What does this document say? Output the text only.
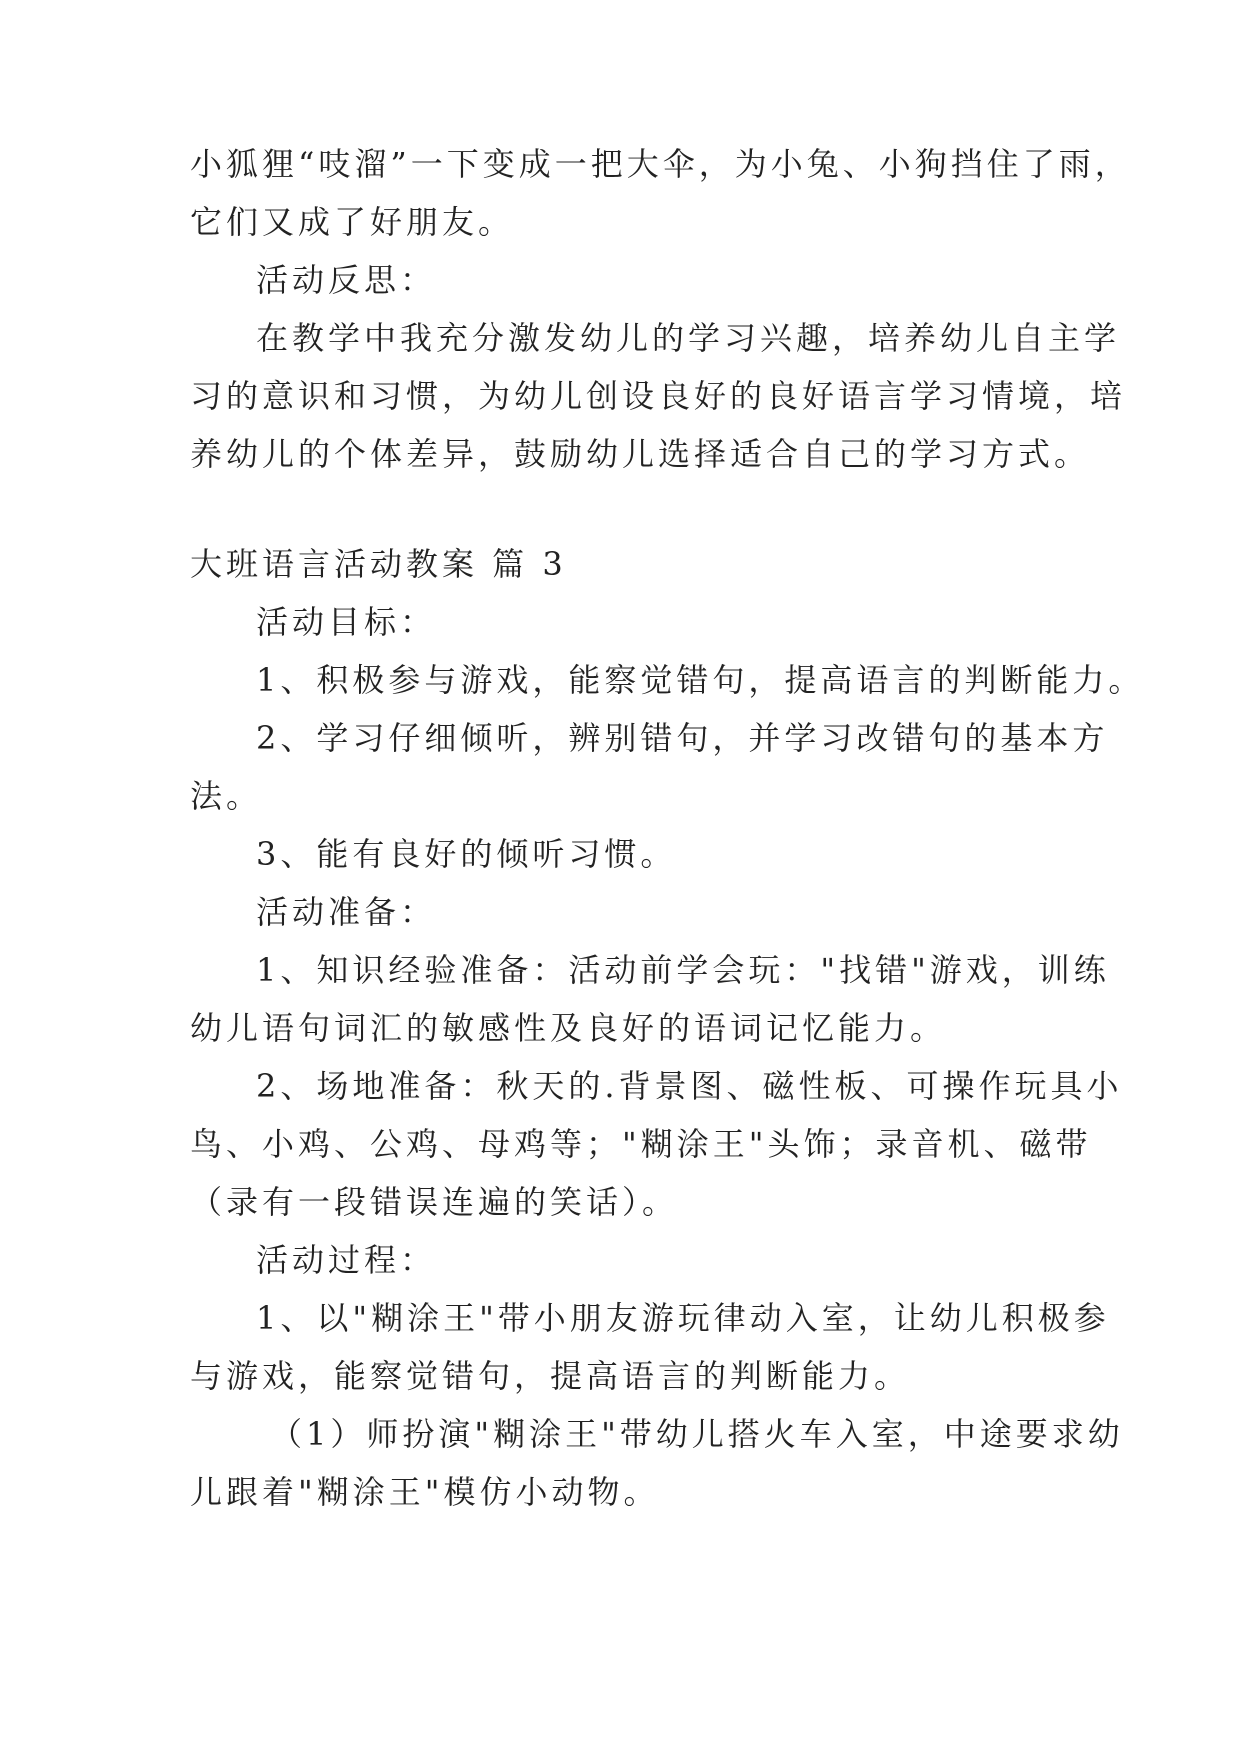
小狐狸“吱溜”一下变成一把大伞，为小兔、小狗挡住了雨，
它们又成了好朋友。
活动反思：
在教学中我充分激发幼儿的学习兴趣，培养幼儿自主学
习的意识和习惯，为幼儿创设良好的良好语言学习情境，培
养幼儿的个体差异，鼓励幼儿选择适合自己的学习方式。
大班语言活动教案 篇 3
活动目标：
1、积极参与游戏，能察觉错句，提高语言的判断能力。
2、学习仔细倾听，辨别错句，并学习改错句的基本方
法。
3、能有良好的倾听习惯。
活动准备：
1、知识经验准备：活动前学会玩："找错"游戏，训练
幼儿语句词汇的敏感性及良好的语词记忆能力。
2、场地准备：秋天的.背景图、磁性板、可操作玩具小
鸟、小鸡、公鸡、母鸡等；"糊涂王"头饰；录音机、磁带
（录有一段错误连遍的笑话）。
活动过程：
1、以"糊涂王"带小朋友游玩律动入室，让幼儿积极参
与游戏，能察觉错句，提高语言的判断能力。
（1）师扮演"糊涂王"带幼儿搭火车入室，中途要求幼
儿跟着"糊涂王"模仿小动物。
